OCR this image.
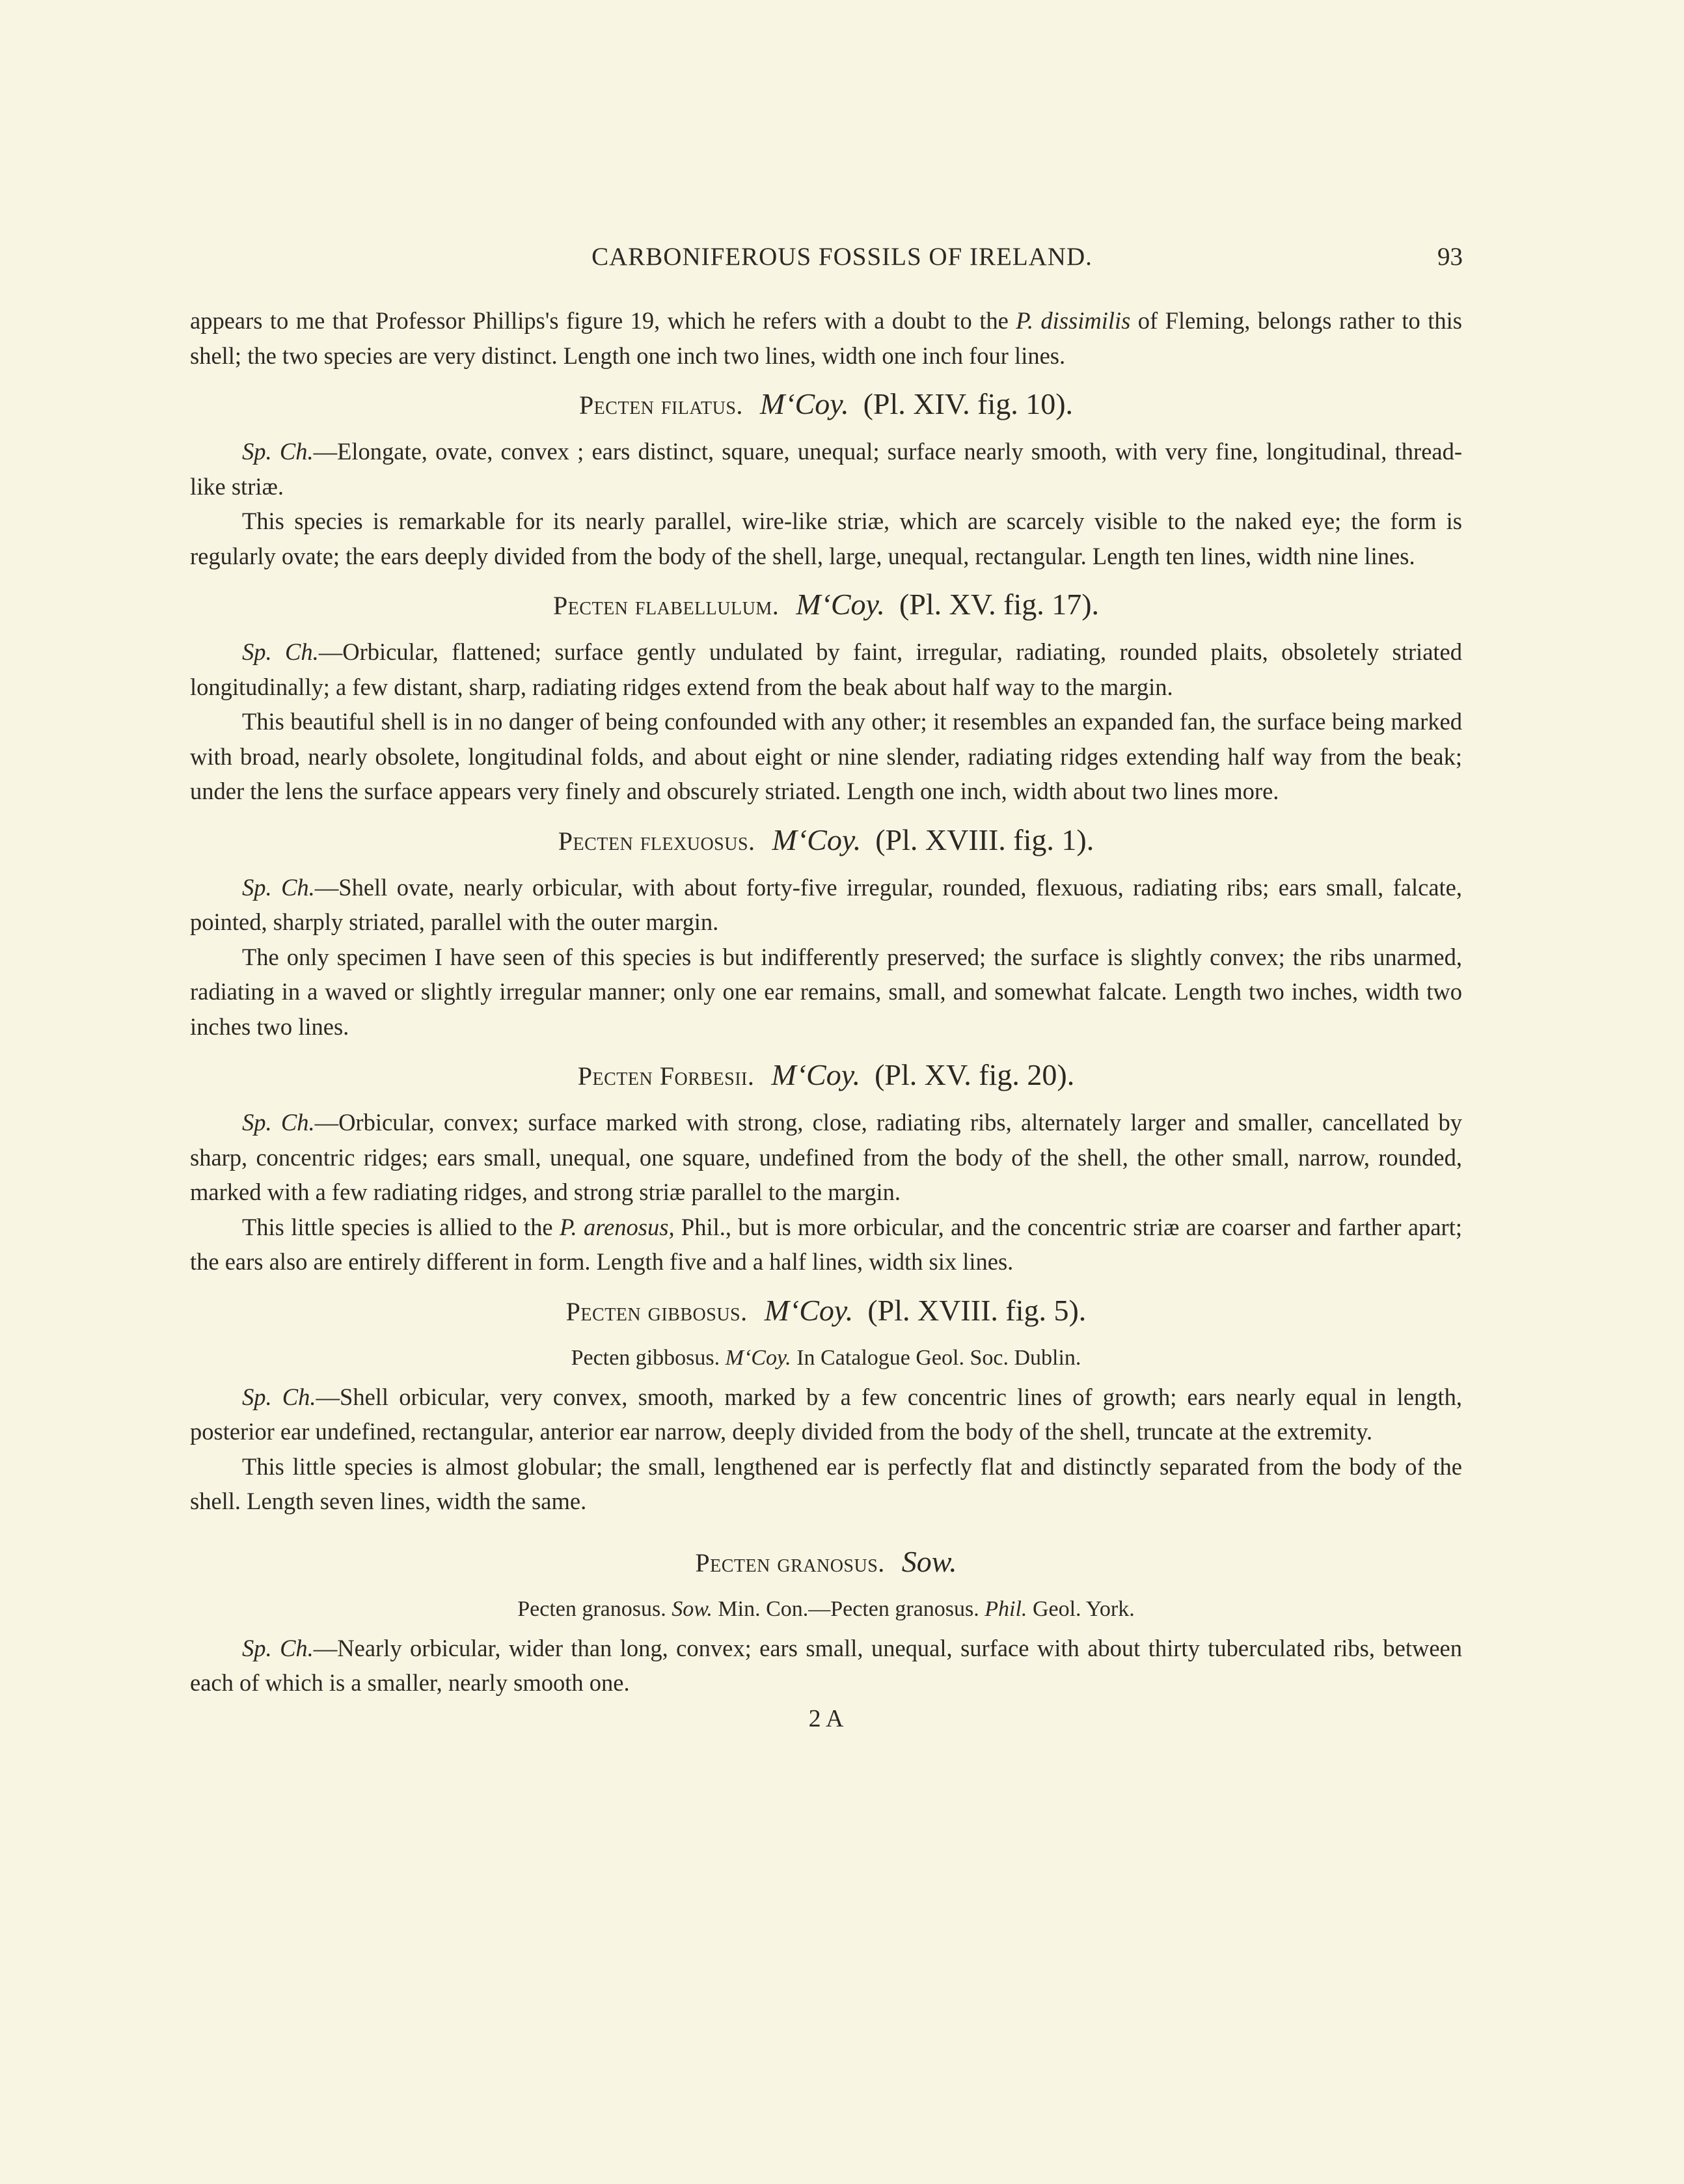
CARBONIFEROUS FOSSILS OF IRELAND.	93

appears to me that Professor Phillips's figure 19, which he refers with a doubt to the P. dissimilis of Fleming, belongs rather to this shell; the two species are very distinct. Length one inch two lines, width one inch four lines.

Pecten filatus. M‘Coy. (Pl. XIV. fig. 10).

Sp. Ch.—Elongate, ovate, convex ; ears distinct, square, unequal; surface nearly smooth, with very fine, longitudinal, thread-like striæ.

This species is remarkable for its nearly parallel, wire-like striæ, which are scarcely visible to the naked eye; the form is regularly ovate; the ears deeply divided from the body of the shell, large, unequal, rectangular. Length ten lines, width nine lines.

Pecten flabellulum. M‘Coy. (Pl. XV. fig. 17).

Sp. Ch.—Orbicular, flattened; surface gently undulated by faint, irregular, radiating, rounded plaits, obsoletely striated longitudinally; a few distant, sharp, radiating ridges extend from the beak about half way to the margin.

This beautiful shell is in no danger of being confounded with any other; it resembles an expanded fan, the surface being marked with broad, nearly obsolete, longitudinal folds, and about eight or nine slender, radiating ridges extending half way from the beak; under the lens the surface appears very finely and obscurely striated. Length one inch, width about two lines more.

Pecten flexuosus. M‘Coy. (Pl. XVIII. fig. 1).

Sp. Ch.—Shell ovate, nearly orbicular, with about forty-five irregular, rounded, flexuous, radiating ribs; ears small, falcate, pointed, sharply striated, parallel with the outer margin.

The only specimen I have seen of this species is but indifferently preserved; the surface is slightly convex; the ribs unarmed, radiating in a waved or slightly irregular manner; only one ear remains, small, and somewhat falcate. Length two inches, width two inches two lines.

Pecten Forbesii. M‘Coy. (Pl. XV. fig. 20).

Sp. Ch.—Orbicular, convex; surface marked with strong, close, radiating ribs, alternately larger and smaller, cancellated by sharp, concentric ridges; ears small, unequal, one square, undefined from the body of the shell, the other small, narrow, rounded, marked with a few radiating ridges, and strong striæ parallel to the margin.

This little species is allied to the P. arenosus, Phil., but is more orbicular, and the concentric striæ are coarser and farther apart; the ears also are entirely different in form. Length five and a half lines, width six lines.

Pecten gibbosus. M‘Coy. (Pl. XVIII. fig. 5).
Pecten gibbosus. M‘Coy. In Catalogue Geol. Soc. Dublin.

Sp. Ch.—Shell orbicular, very convex, smooth, marked by a few concentric lines of growth; ears nearly equal in length, posterior ear undefined, rectangular, anterior ear narrow, deeply divided from the body of the shell, truncate at the extremity.

This little species is almost globular; the small, lengthened ear is perfectly flat and distinctly separated from the body of the shell. Length seven lines, width the same.

Pecten granosus. Sow.
Pecten granosus. Sow. Min. Con.—Pecten granosus. Phil. Geol. York.

Sp. Ch.—Nearly orbicular, wider than long, convex; ears small, unequal, surface with about thirty tuberculated ribs, between each of which is a smaller, nearly smooth one.

2 A
